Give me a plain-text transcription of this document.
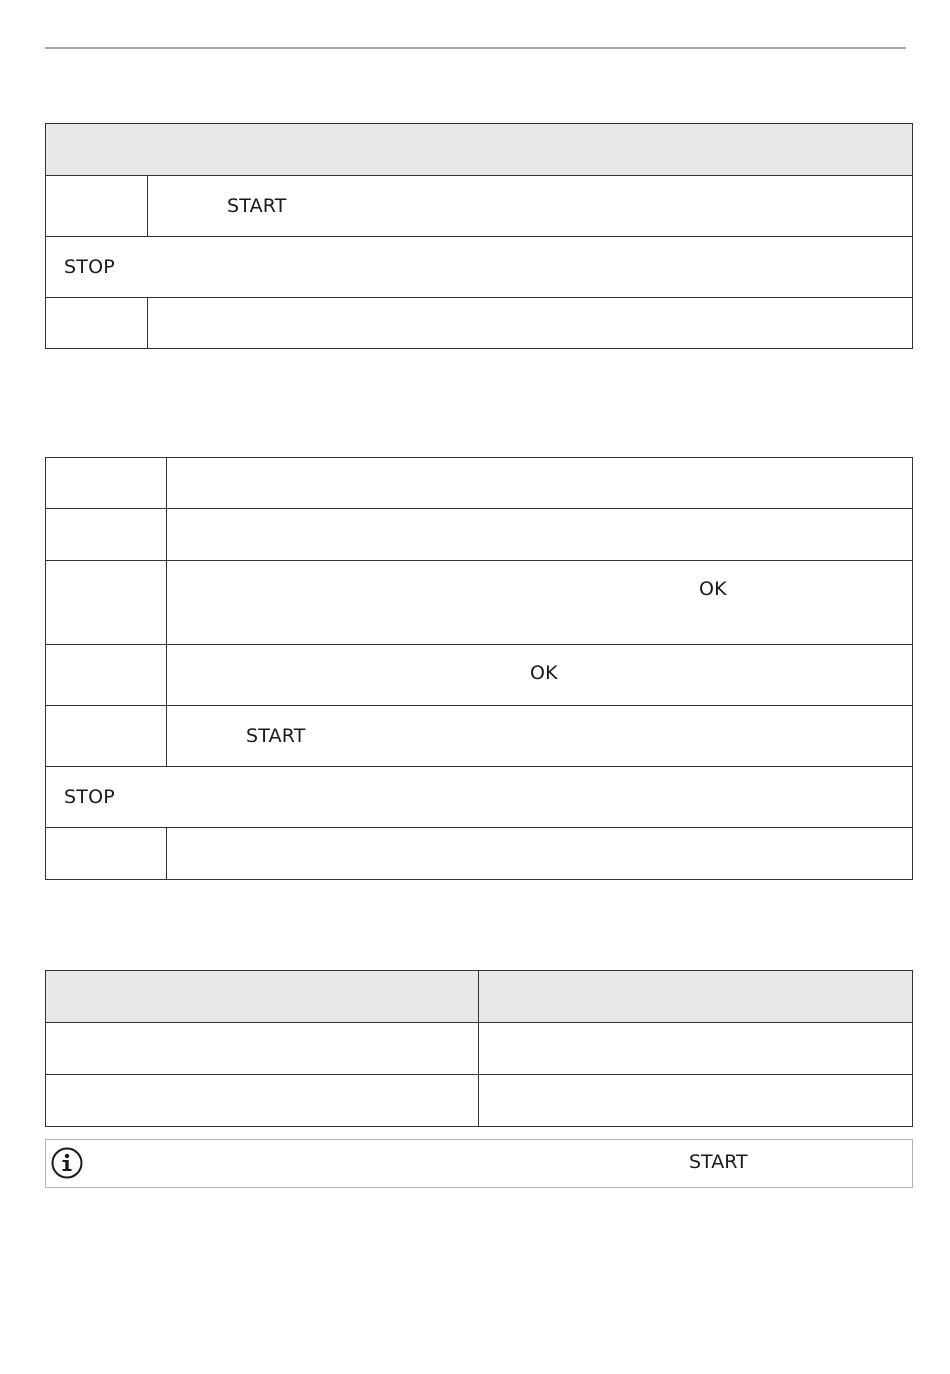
	START
STOP	

	OK
	OK
	START
STOP	

START
